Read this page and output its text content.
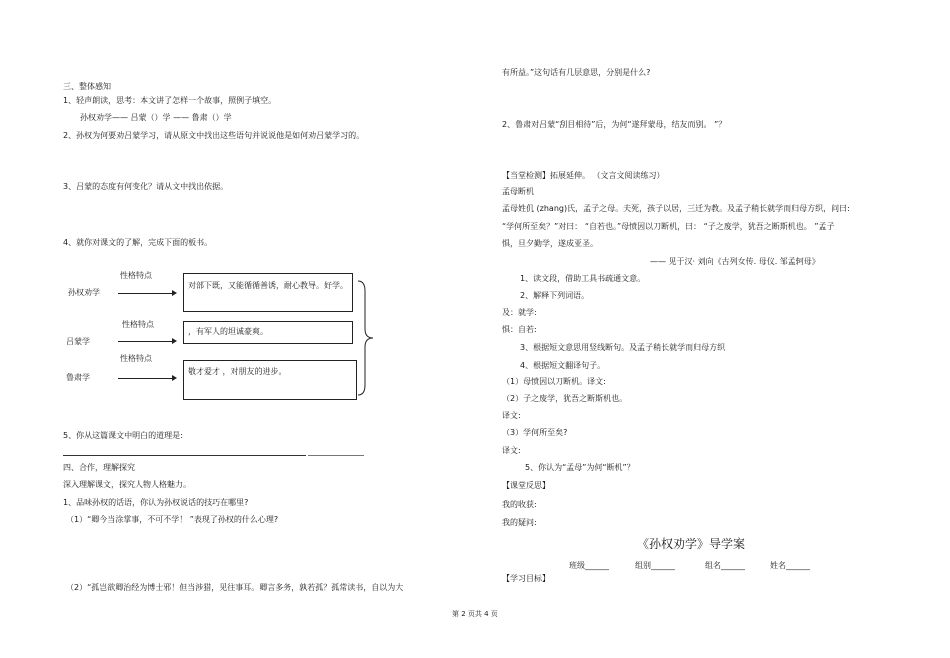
三、整体感知
1、轻声朗读，思考：本文讲了怎样一个故事，照例子填空。
孙权劝学—— 吕蒙（）学 —— 鲁肃（）学
2、孙权为何要劝吕蒙学习，请从原文中找出这些语句并说说他是如何劝吕蒙学习的。
3、吕蒙的态度有何变化？请从文中找出依据。
4、就你对课文的了解，完成下面的板书。
性格特点
孙权劝学
对部下既，又能循循善诱，耐心教导。好学。
性格特点
吕蒙学
，有军人的坦诚豪爽。
性格特点
鲁肃学
敬才爱才 ，对朋友的进步。
5、你从这篇课文中明白的道理是:
四、合作，理解探究
深入理解课文，探究人物人格魅力。
1、品味孙权的话语，你认为孙权说话的技巧在哪里?
（1）“卿今当涂掌事，不可不学！ ”表现了孙权的什么心理?
（2）“孤岂欲卿治经为博士邪！但当涉猎，见往事耳。卿言多务，孰若孤？孤常读书，自以为大
有所益。”这句话有几层意思，分别是什么?
2、鲁肃对吕蒙“刮目相待”后，为何“遂拜蒙母，结友而别。 ”？
【当堂检测】拓展延伸。 （文言文阅读练习）
孟母断机
孟母姓仉 (zhang)氏，孟子之母。夫死，孩子以居，三迁为教。及孟子稍长就学而归母方织，问曰:
“学何所至矣？”对曰： “自若也。”母愤因以刀断机，曰： “子之废学，犹吾之断斯机也。 ”孟子
惧，旦夕勤学，遂成亚圣。
—— 见于汉· 刘向《古列女传. 母仪. 邹孟轲母》
1、读文段，借助工具书疏通文意。
2、解释下列词语。
及：就学:
惧：自若:
3、根据短文意思用竖线断句。及孟子稍长就学而归母方织
4、根据短文翻译句子。
（1）母愤因以刀断机。译文:
（2）子之废学，犹吾之断斯机也。
译文:
（3）学何所至矣?
译文:
5、你认为“孟母”为何“断机”？
【课堂反思】
我的收获:
我的疑问:
《孙权劝学》导学案
班级______	组别______	组名______	姓名______
【学习目标】
第 2 页共 4 页
